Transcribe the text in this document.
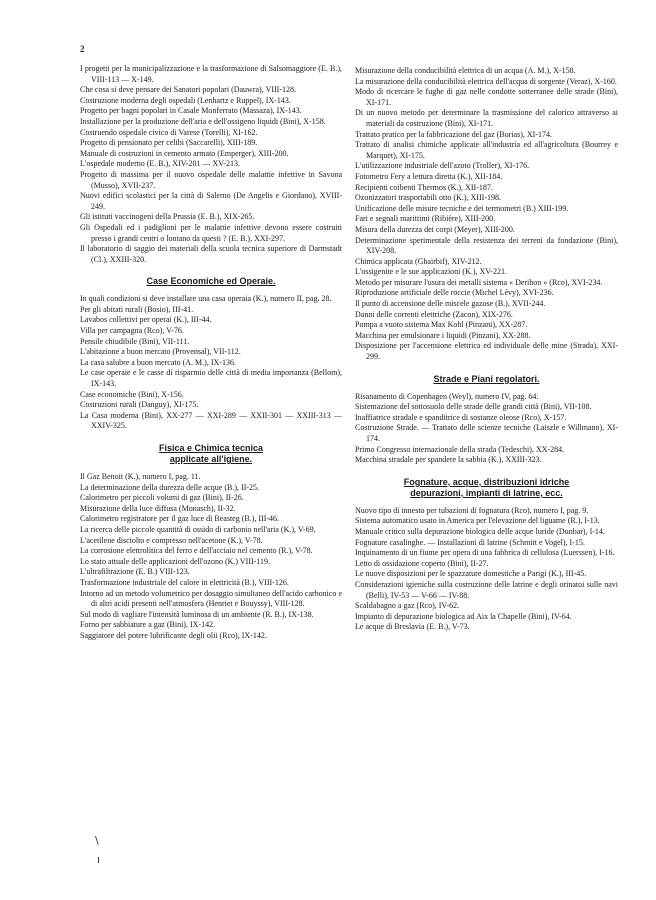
2

I progetti per la municipalizzazione e la trasformazione di Salsomaggiore (E. B.), VIII-113 — X-149.

Che cosa si deve pensare dei Sanatori popolari (Dauwra), VIII-128.

Costruzione moderna degli ospedali (Lenhartz e Ruppel), IX-143.

Progetto per bagni popolari in Casale Monferrato (Massaza), IX-143.

Installazione per la produzione dell'aria e dell'ossigeno liquidi (Bini), X-158.

Costruendo ospedale civico di Varese (Torelli), XI-162.

Progetto di pensionato per celibi (Saccarelli), XIII-189.

Manuale di costruzioni in cemento armato (Emperger), XIII-200.

L'ospedale moderno (E. B.), XIV-201 — XV-213.

Progetto di massima per il nuovo ospedale delle malattie infettive in Savona (Musso), XVII-237.

Nuovi edifici scolastici per la città di Salerno (De Angelis e Giordano), XVIII-249.

Gli istituti vaccinogeni della Prussia (E. B.), XIX-265.

Gli Ospedali ed i padiglioni per le malattie infettive devono essere costruiti presso i grandi centri o lontano da questi ? (E. B.), XXI-297.

Il laboratorio di saggio dei materiali della scuola tecnica superiore di Darmstadt (Cl.), XXIII-320.

Case Economiche ed Operaie.

In quali condizioni si deve installare una casa operaia (K.), numero II, pag. 28.

Per gli abitati rurali (Bosio), III-41.

Lavabos collettivi per operai (K.), III-44.

Villa per campagna (Rco), V-76.

Pensile chiudibile (Bini), VII-111.

L'abitazione a buon mercato (Provensal), VII-112.

La casa salubre a buon mercato (A. M.), IX-136.

Le case operaie e le casse di risparmio delle città di media importanza (Bellom), IX-143.

Case economiche (Bini), X-156.

Costruzioni rurali (Danguy), XI-175.

La Casa moderna (Bini), XX-277 — XXI-289 — XXII-301 — XXIII-313 — XXIV-325.

Fisica e Chimica tecnica
applicate all'igiene.

Il Gaz Benoit (K.), numero I, pag. 11.

La determinazione della durezza delle acque (B.), II-25.

Calorimetro per piccoli volumi di gaz (Bini), II-26.

Misurazione della luce diffusa (Monasch), II-32.

Calorimetro registratore per il gaz luce di Beasteg (B.), III-46.

La ricerca delle piccole quantità di ossido di carbonio nell'aria (K.), V-69.

L'acetilene disciolto e compresso nell'acetone (K.), V-78.

La corrosione elettrolitica del ferro e dell'acciaio nel cemento (R.), V-78.

Lo stato attuale delle applicazioni dell'ozono (K.) VIII-119.

L'ultrafiltrazione (E. B.) VIII-123.

Trasformazione industriale del calore in elettricità (B.), VIII-126.

Intorno ad un metodo volumetrico per dosaggio simultaneo dell'acido carbonico e di altri acidi presenti nell'atmosfera (Henriet e Bouyssy), VIII-128.

Sul modo di vagliare l'intensità luminosa di un ambiente (R. B.), IX-138.

Forno per sabbiature a gaz (Bini), IX-142.

Saggiatore del potere lubrificante degli olii (Rco), IX-142.

Misurazione della conducibilità elettrica di un acqua (A. M.), X-158.

La misurazione della conducibilità elettrica dell'acqua di sorgente (Veraz), X-160.

Modo di ricercare le fughe di gaz nelle condotte sotterranee delle strade (Bini), XI-171.

Di un nuovo metodo per determinare la trasmissione del calorico attraverso ai materiali da costruzione (Bini), XI-171.

Trattato pratico per la fabbricazione del gaz (Borias), XI-174.

Trattato di analisi chimiche applicate all'industria ed all'agricoltura (Bourrey e Marquet), XI-175.

L'utilizzazione industriale dell'azoto (Troller), XI-176.

Fotometro Fery a lettura diretta (K.), XII-184.

Recipienti coibenti Thermos (K.), XII-187.

Ozonizzatori trasportabili otto (K.), XIII-198.

Unificazione delle misure tecniche e dei termometri (B.) XIII-199.

Fari e segnali marittimi (Ribière), XIII-200.

Misura della durezza dei corpi (Meyer), XIII-200.

Determinazione sperimentale della resistenza dei terreni da fondazione (Bini), XIV-208.

Chimica applicata (Ghairbif), XIV-212.

L'ossigenite e le sue applicazioni (K.), XV-221.

Metodo per misurare l'usura dei metalli sistema « Derihon » (Rco), XVI-234.

Riproduzione artificiale delle roccie (Michel Lévy), XVI-236.

Il punto di accensione delle miscele gazose (B.), XVII-244.

Danni delle correnti elettriche (Zacon), XIX-276.

Pompa a vuoto sistema Max Kohl (Pinzani), XX-287.

Macchina per emulsionare i liquidi (Pinzani), XX-288.

Disposizione per l'accensione elettrica ed individuale delle mine (Strada), XXI-299.

Strade e Piani regolatori.

Risanamento di Copenhagen (Weyl), numero IV, pag. 64.

Sistemazione del sottosuolo delle strade delle grandi città (Bini), VII-108.

Inaffiatrice stradale e spanditrice di sostanze oleose (Rco), X-157.

Costruzione Strade. — Trattato delle scienze tecniche (Laiszle e Willmann), XI-174.

Primo Congresso internazionale della strada (Tedeschi), XX-284.

Macchina stradale per spandere la sabbia (K.), XXIII-323.

Fognature, acque, distribuzioni idriche
depurazioni, impianti di latrine, ecc.

Nuovo tipo di innesto per tubazioni di fognatura (Rco), numero I, pag. 9.

Sistema automatico usato in America per l'elevazione del liguame (R.), I-13.

Manuale critico sulla depurazione biologica delle acque luride (Dunbar), I-14.

Fognature casalinghe. — Installazioni di latrine (Schmitt e Vogel), I-15.

Inquinamento di un fiume per opera di una fabbrica di cellulosa (Luerssen), I-16.

Letto di ossidazione coperto (Bini), II-27.

Le nuove disposizioni per le spazzature domestiche a Parigi (K.), III-45.

Considerazioni igieniche sulla costruzione delle latrine e degli orinatoi sulle navi (Belli), IV-53 — V-66 — IV-88.

Scaldabagno a gaz (Rco), IV-62.

Impianto di depurazione biologica ad Aix la Chapelle (Bini), IV-64.

Le acque di Breslavia (E. B.), V-73.

\
ı
